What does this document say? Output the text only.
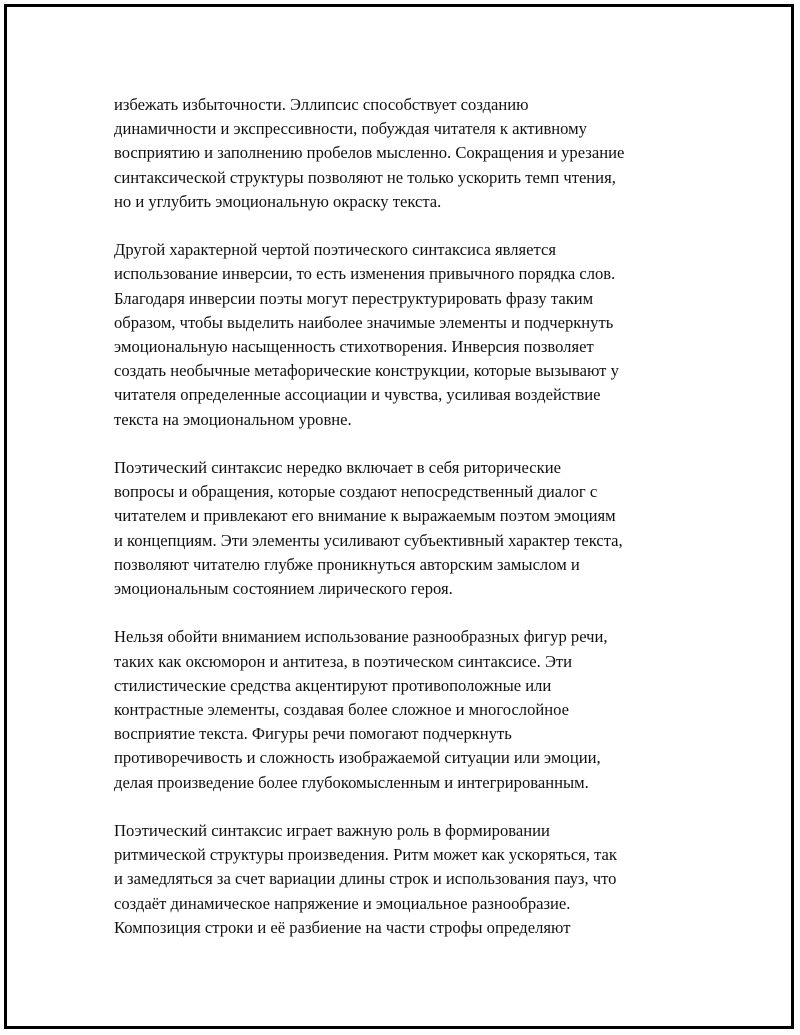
избежать избыточности. Эллипсис способствует созданию
динамичности и экспрессивности, побуждая читателя к активному
восприятию и заполнению пробелов мысленно. Сокращения и урезание
синтаксической структуры позволяют не только ускорить темп чтения,
но и углубить эмоциональную окраску текста.

Другой характерной чертой поэтического синтаксиса является
использование инверсии, то есть изменения привычного порядка слов.
Благодаря инверсии поэты могут переструктурировать фразу таким
образом, чтобы выделить наиболее значимые элементы и подчеркнуть
эмоциональную насыщенность стихотворения. Инверсия позволяет
создать необычные метафорические конструкции, которые вызывают у
читателя определенные ассоциации и чувства, усиливая воздействие
текста на эмоциональном уровне.

Поэтический синтаксис нередко включает в себя риторические
вопросы и обращения, которые создают непосредственный диалог с
читателем и привлекают его внимание к выражаемым поэтом эмоциям
и концепциям. Эти элементы усиливают субъективный характер текста,
позволяют читателю глубже проникнуться авторским замыслом и
эмоциональным состоянием лирического героя.

Нельзя обойти вниманием использование разнообразных фигур речи,
таких как оксюморон и антитеза, в поэтическом синтаксисе. Эти
стилистические средства акцентируют противоположные или
контрастные элементы, создавая более сложное и многослойное
восприятие текста. Фигуры речи помогают подчеркнуть
противоречивость и сложность изображаемой ситуации или эмоции,
делая произведение более глубокомысленным и интегрированным.

Поэтический синтаксис играет важную роль в формировании
ритмической структуры произведения. Ритм может как ускоряться, так
и замедляться за счет вариации длины строк и использования пауз, что
создаёт динамическое напряжение и эмоциальное разнообразие.
Композиция строки и её разбиение на части строфы определяют
